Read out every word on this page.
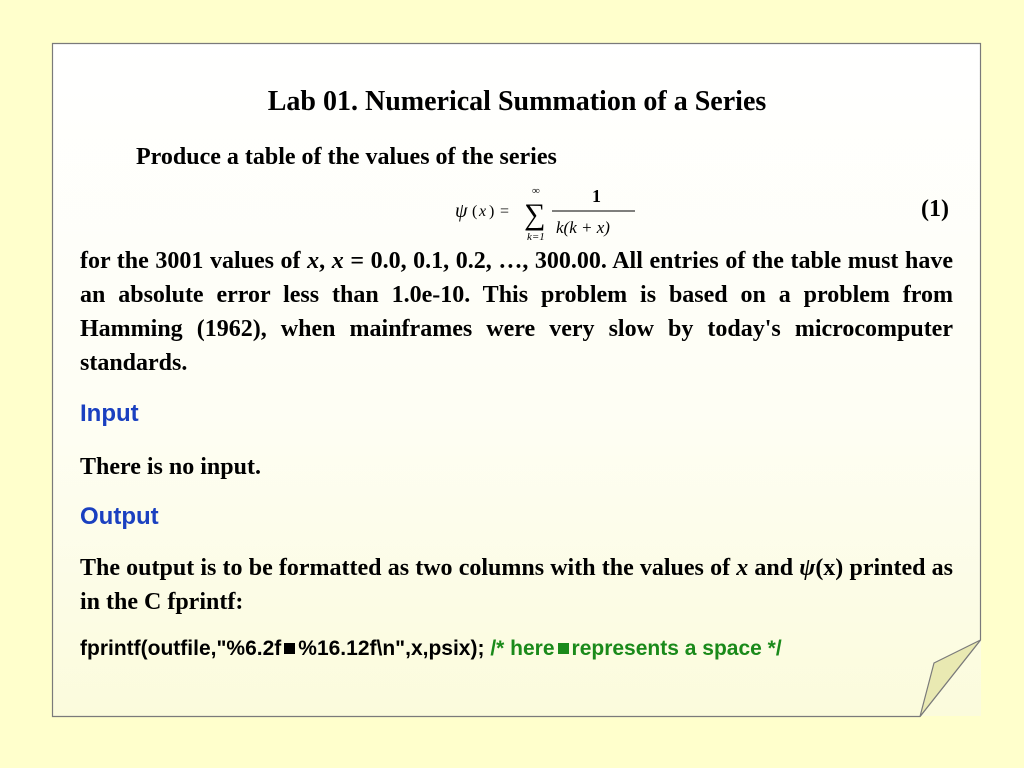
Lab 01. Numerical Summation of a Series
Produce a table of the values of the series
ψ ( x ) =
∞
∑
k=1
1
k(k + x)
(1)
for the 3001 values of x, x = 0.0, 0.1, 0.2, …, 300.00. All entries of the table must have an absolute error less than 1.0e-10. This problem is based on a problem from Hamming (1962), when mainframes were very slow by today's microcomputer standards.
Input
There is no input.
Output
The output is to be formatted as two columns with the values of x and ψ(x) printed as in the C fprintf:
fprintf(outfile,"%6.2f %16.12f\n",x,psix); /* here represents a space */
